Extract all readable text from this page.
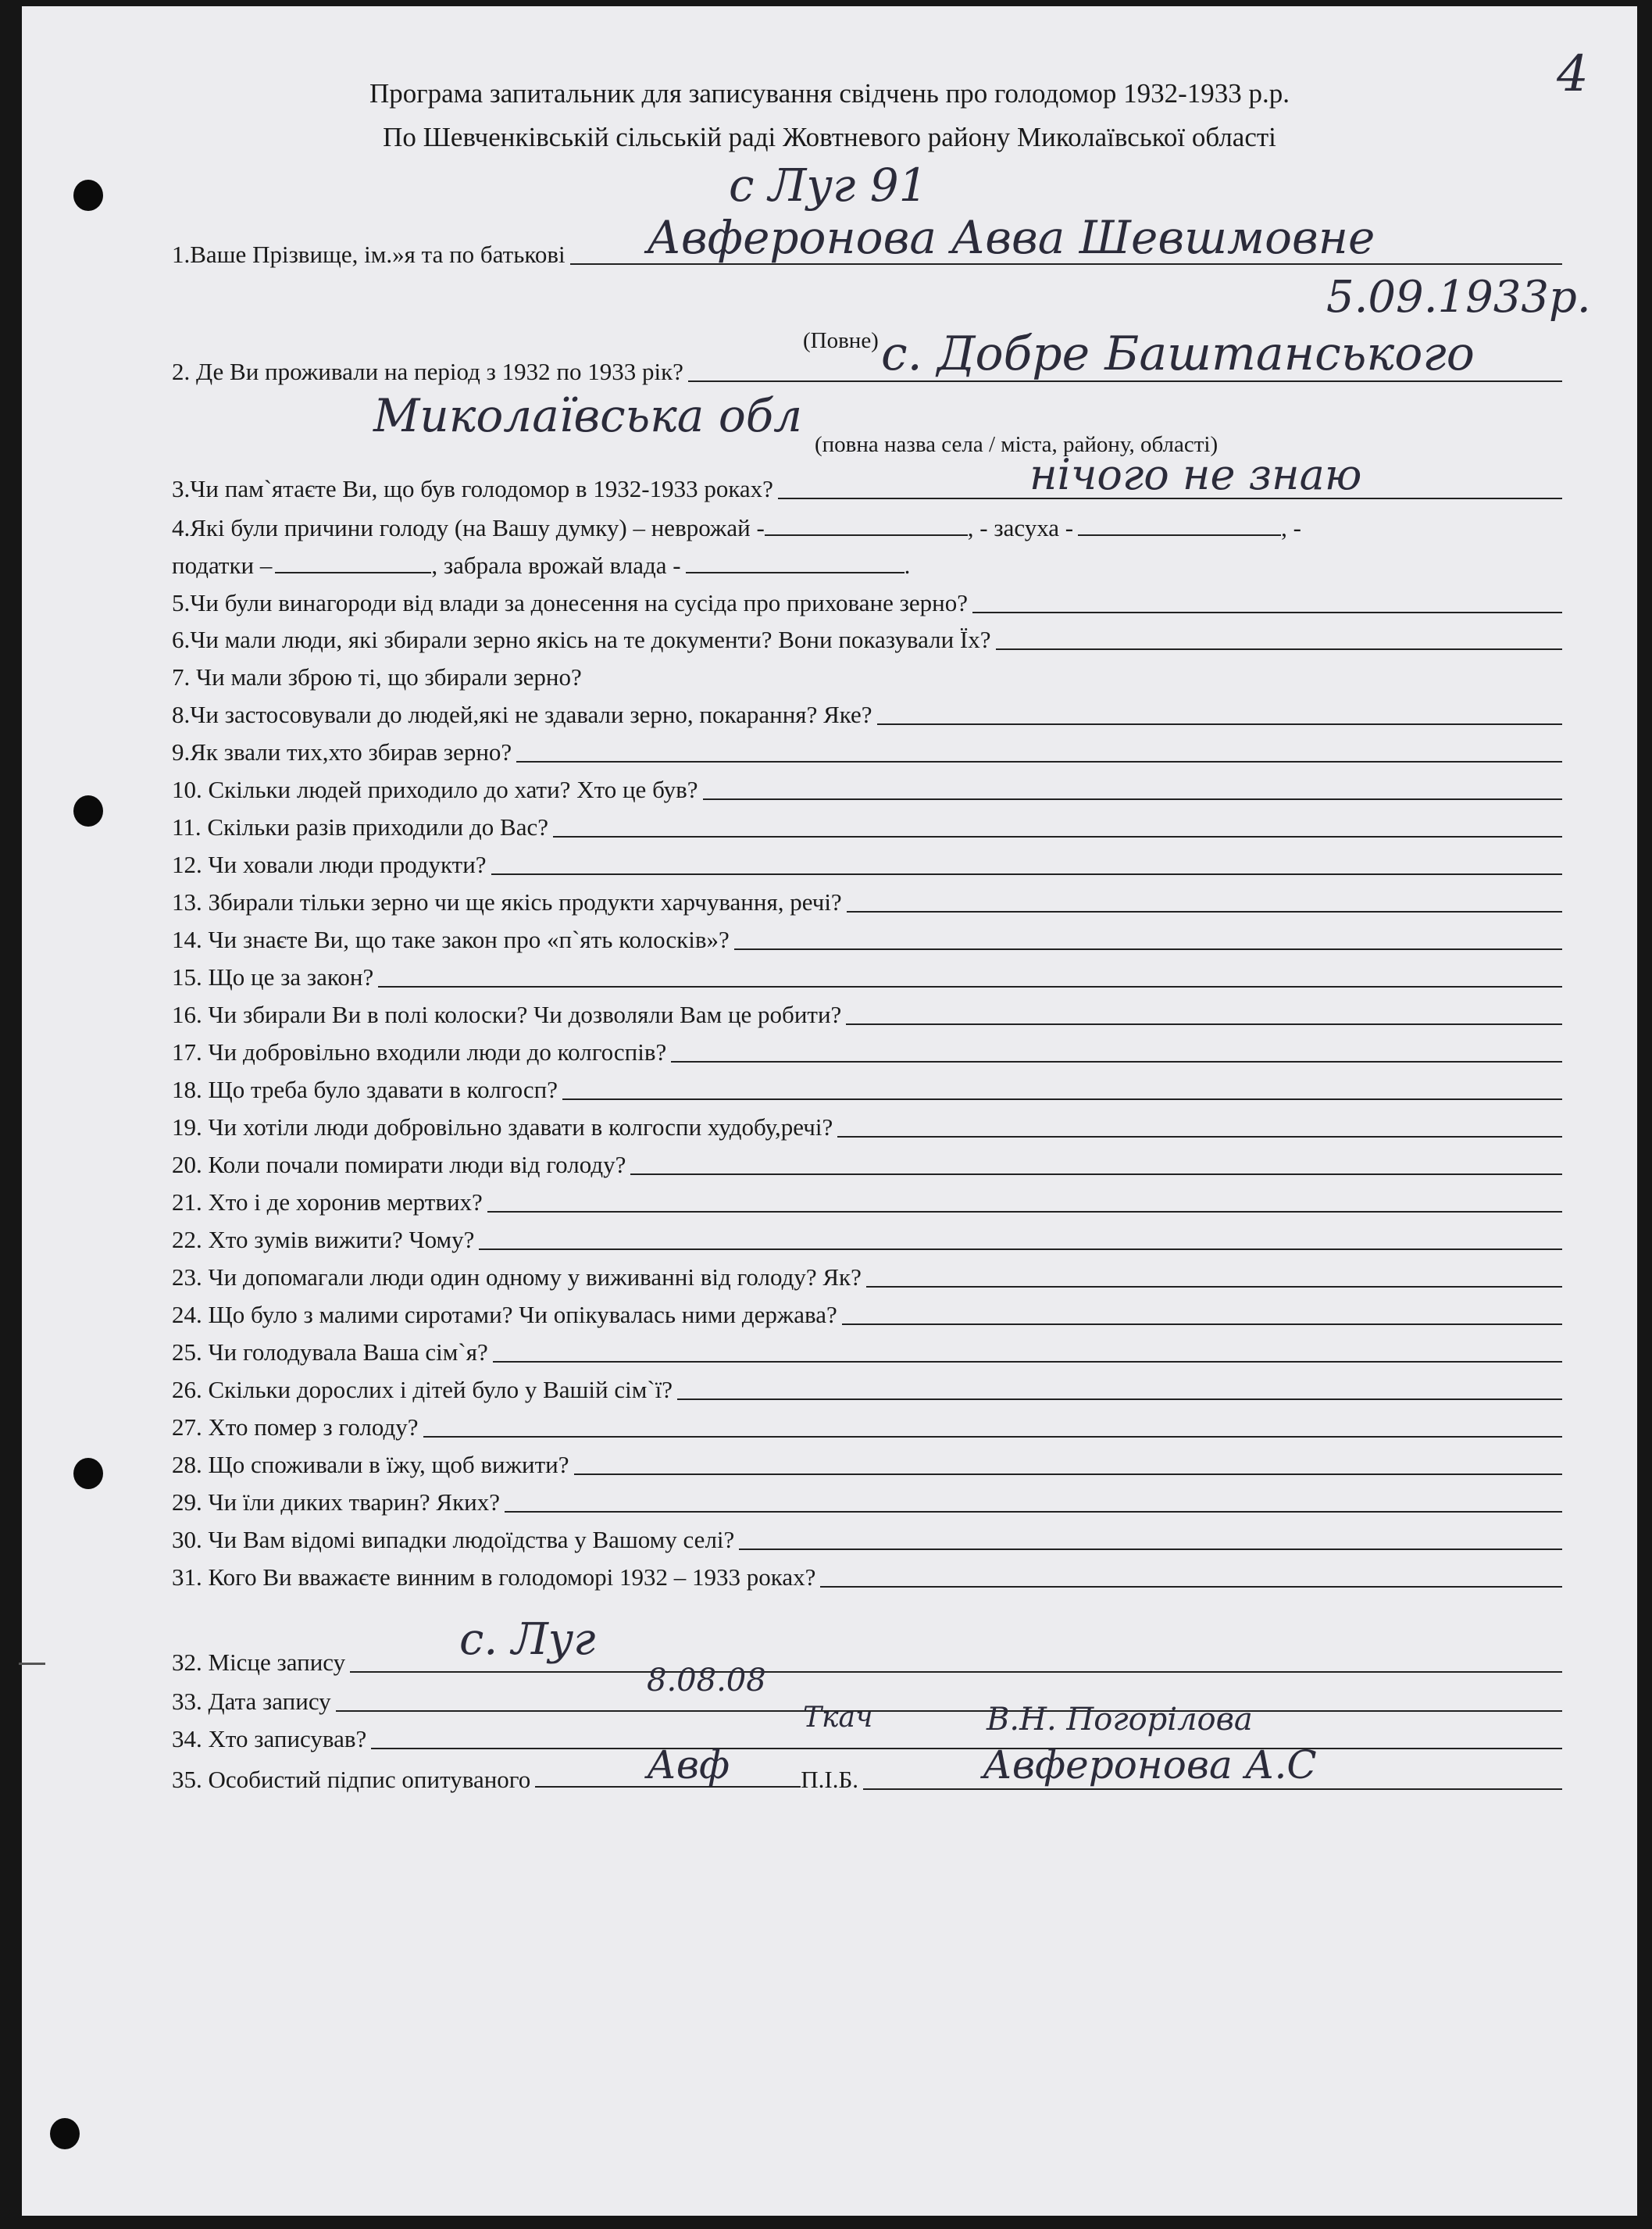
4
Програма запитальник для записування свідчень про голодомор 1932-1933 р.р.
По Шевченківській сільській раді Жовтневого району Миколаївської області
с Луг 91
1.Ваше Прізвище, ім.»я та по батькові Авферонова Авва Шевшмовне
5.09.1933р.
(Повне)
2. Де Ви проживали на період з 1932 по 1933 рік?	с. Добре Баштанського
Миколаївська обл
(повна назва села / міста, району, області)
3.Чи пам`ятаєте Ви, що був голодомор в 1932-1933 роках?	нічого не знаю
4.Які були причини голоду (на Вашу думку) – неврожай -	, - засуха -	, -
податки –	, забрала врожай влада -	.
5.Чи були винагороди від влади за донесення на сусіда про приховане зерно?
6.Чи мали люди, які збирали зерно якісь на те документи? Вони показували Їх?
7. Чи мали зброю ті, що збирали зерно?
8.Чи застосовували до людей,які не здавали зерно, покарання? Яке?
9.Як звали тих,хто збирав зерно?
10. Скільки людей приходило до хати? Хто це був?
11. Скільки разів приходили до Вас?
12. Чи ховали люди продукти?
13. Збирали тільки зерно чи ще якісь продукти харчування, речі?
14. Чи знаєте Ви, що таке закон про «п`ять колосків»?
15. Що це за закон?
16. Чи збирали Ви в полі колоски? Чи дозволяли Вам це робити?
17. Чи добровільно входили люди до колгоспів?
18. Що треба було здавати в колгосп?
19. Чи хотіли люди добровільно здавати в колгоспи худобу,речі?
20. Коли почали помирати люди від голоду?
21. Хто і де хоронив мертвих?
22. Хто зумів вижити? Чому?
23. Чи допомагали люди один одному у виживанні від голоду? Як?
24. Що було з малими сиротами? Чи опікувалась ними держава?
25. Чи голодувала Ваша сім`я?
26. Скільки дорослих і дітей було у Вашій сім`ї?
27. Хто помер з голоду?
28. Що споживали в їжу, щоб вижити?
29. Чи їли диких тварин? Яких?
30. Чи Вам відомі випадки людоїдства у Вашому селі?
31. Кого Ви вважаєте винним в голодоморі 1932 – 1933 роках?
32. Місце запису	с. Луг
33. Дата запису
8.08.08
34. Хто записував?
Ткач	В.Н. Погорілова
35. Особистий підпис опитуваного	П.І.Б.
Авф	Авферонова А.С
